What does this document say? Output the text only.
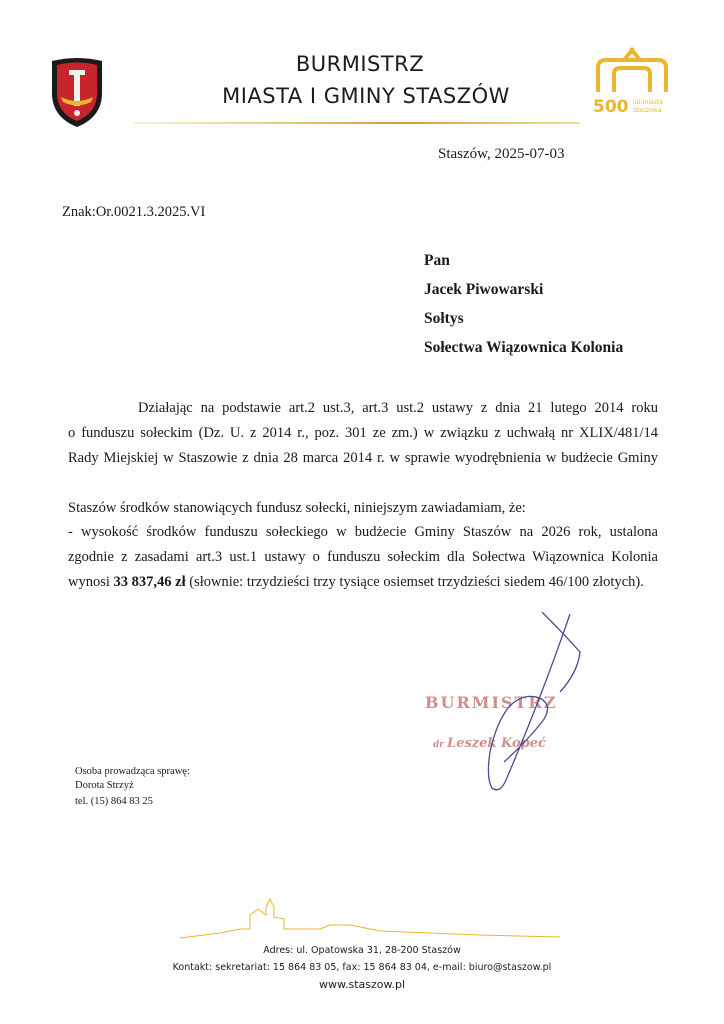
BURMISTRZ
MIASTA I GMINY STASZÓW	500 lat miasta
Staszowa
Staszów, 2025-07-03
Znak:Or.0021.3.2025.VI
Pan
Jacek Piwowarski
Sołtys
Sołectwa Wiązownica Kolonia
Działając na podstawie art.2 ust.3, art.3 ust.2 ustawy z dnia 21 lutego 2014 roku
o funduszu sołeckim (Dz. U. z 2014 r., poz. 301 ze zm.) w związku z uchwałą nr XLIX/481/14
Rady Miejskiej w Staszowie z dnia 28 marca 2014 r. w sprawie wyodrębnienia w budżecie Gminy
Staszów środków stanowiących fundusz sołecki, niniejszym zawiadamiam, że:
- wysokość środków funduszu sołeckiego w budżecie Gminy Staszów na 2026 rok, ustalona
zgodnie z zasadami art.3 ust.1 ustawy o funduszu sołeckim dla Sołectwa Wiązownica Kolonia
wynosi 33 837,46 zł (słownie: trzydzieści trzy tysiące osiemset trzydzieści siedem 46/100 złotych).
BURMISTRZ
dr Leszek Kopeć
Osoba prowadząca sprawę:
Dorota Strzyż
tel. (15) 864 83 25
Adres: ul. Opatowska 31, 28-200 Staszów
Kontakt: sekretariat: 15 864 83 05, fax: 15 864 83 04, e-mail: biuro@staszow.pl
www.staszow.pl
